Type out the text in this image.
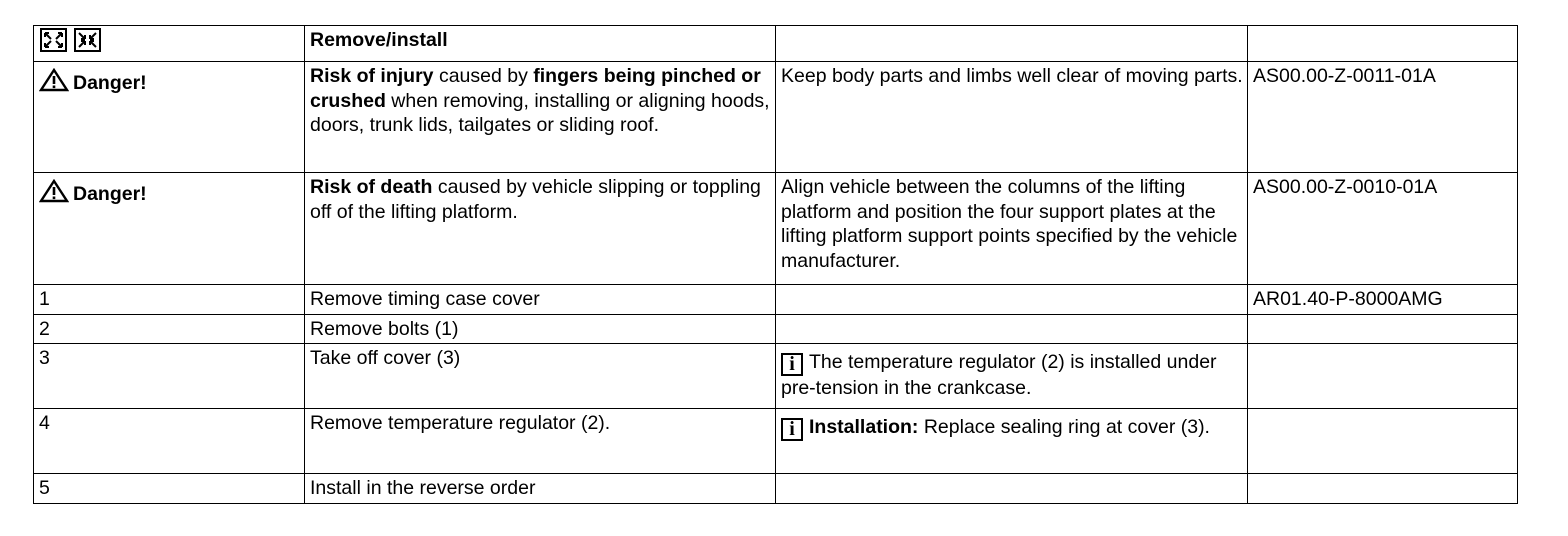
	Remove/install		
Danger!	Risk of injury caused by fingers being pinched or crushed when removing, installing or aligning hoods, doors, trunk lids, tailgates or sliding roof.	Keep body parts and limbs well clear of moving parts.	AS00.00-Z-0011-01A
Danger!	Risk of death caused by vehicle slipping or toppling off of the lifting platform.	Align vehicle between the columns of the lifting platform and position the four support plates at the lifting platform support points specified by the vehicle manufacturer.	AS00.00-Z-0010-01A
1	Remove timing case cover		AR01.40-P-8000AMG
2	Remove bolts (1)		
3	Take off cover (3)	i The temperature regulator (2) is installed under pre-tension in the crankcase.	
4	Remove temperature regulator (2).	i Installation: Replace sealing ring at cover (3).	
5	Install in the reverse order		
